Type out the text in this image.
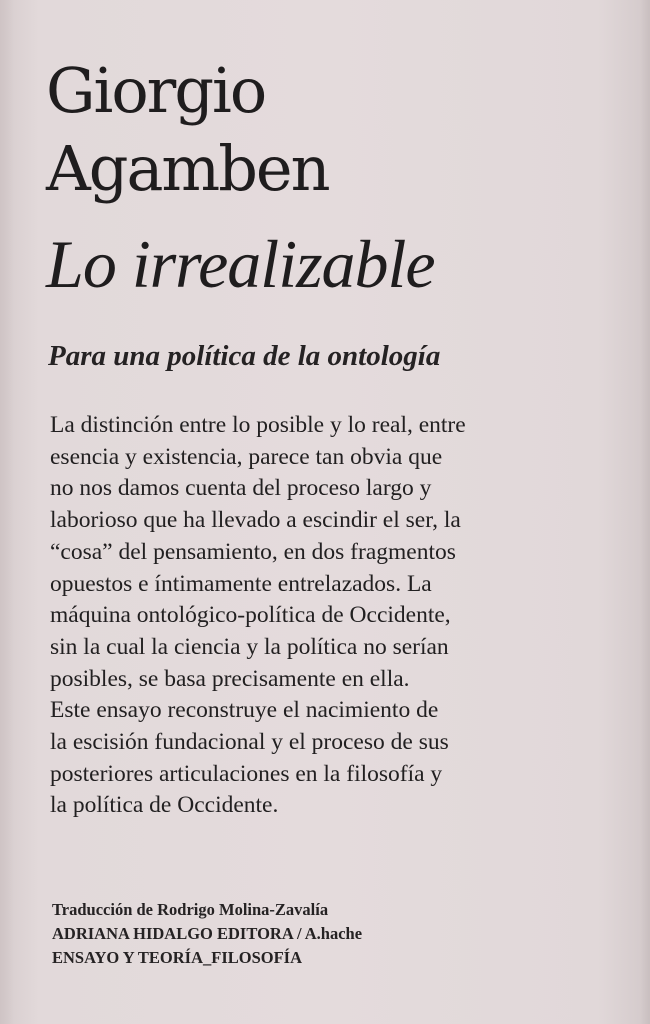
Giorgio
Agamben
Lo irrealizable

Para una política de la ontología

La distinción entre lo posible y lo real, entre
esencia y existencia, parece tan obvia que
no nos damos cuenta del proceso largo y
laborioso que ha llevado a escindir el ser, la
“cosa” del pensamiento, en dos fragmentos
opuestos e íntimamente entrelazados. La
máquina ontológico-política de Occidente,
sin la cual la ciencia y la política no serían
posibles, se basa precisamente en ella.
Este ensayo reconstruye el nacimiento de
la escisión fundacional y el proceso de sus
posteriores articulaciones en la filosofía y
la política de Occidente.
Traducción de Rodrigo Molina-Zavalía
ADRIANA HIDALGO EDITORA / A.hache
ENSAYO Y TEORÍA_FILOSOFÍA
